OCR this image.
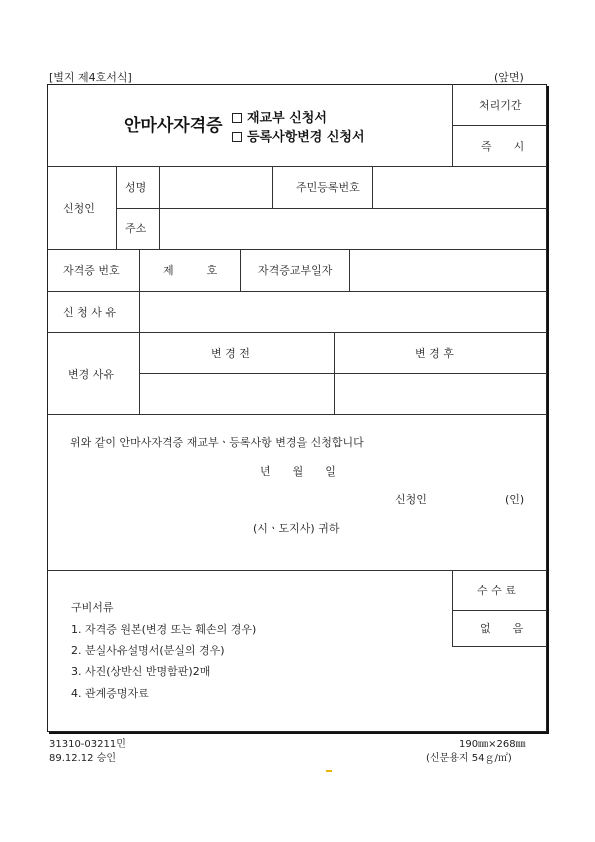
[별지 제4호서식]	(앞면)
안마사자격증	재교부 신청서
등록사항변경 신청서
처리기간
즉　　시
신청인
성명	주민등록번호
주소
자격증 번호	제　　　호	자격증교부일자
신 청 사 유
변경 사유
변 경 전	변 경 후
위와 같이 안마사자격증 재교부ㆍ등록사항 변경을 신청합니다
년　　월　　일
신청인	(인)
(시ㆍ도지사) 귀하
구비서류
1. 자격증 원본(변경 또는 훼손의 경우)
2. 분실사유설명서(분실의 경우)
3. 사진(상반신 반명함판)2매
4. 관계증명자료
수 수 료
없　　음
31310-03211민
89.12.12 승인
190㎜×268㎜
(신문용지 54ｇ/㎡)
